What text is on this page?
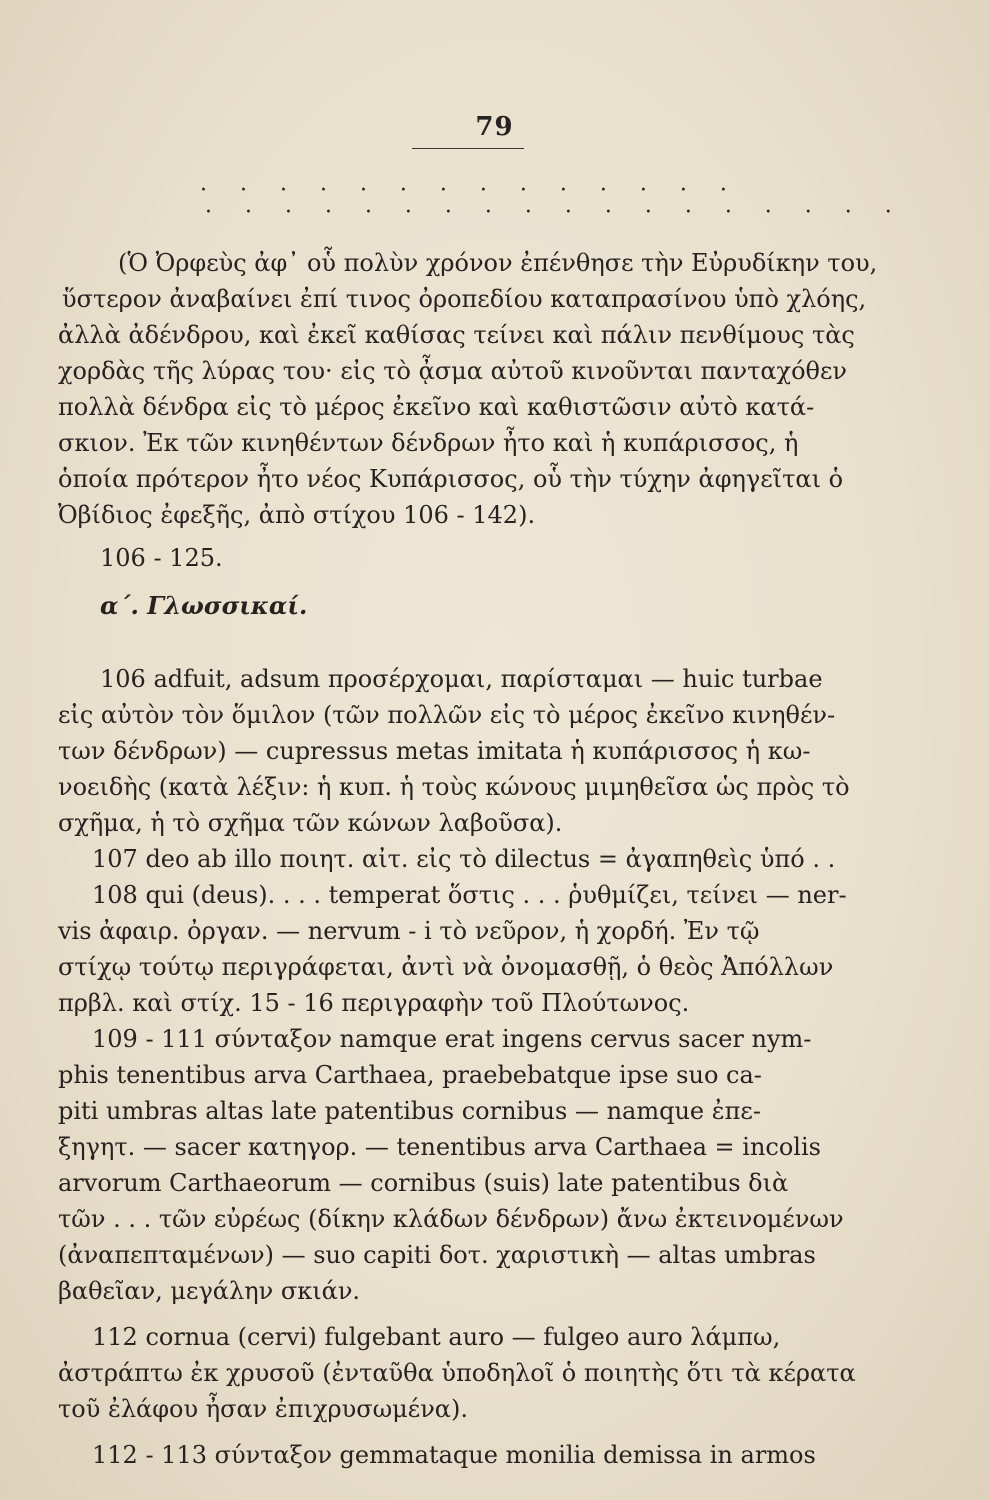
79
· · · · · · · · · · · · · ·
· · · · · · · · · · · · · · · · · ·
(Ὁ Ὀρφεὺς ἀφ᾽ οὗ πολὺν χρόνον ἐπένθησε τὴν Εὐρυδίκην του,
ὕστερον ἀναβαίνει ἐπί τινος ὀροπεδίου καταπρασίνου ὑπὸ χλόης,
ἀλλὰ ἀδένδρου, καὶ ἐκεῖ καθίσας τείνει καὶ πάλιν πενθίμους τὰς
χορδὰς τῆς λύρας του· εἰς τὸ ᾆσμα αὐτοῦ κινοῦνται πανταχόθεν
πολλὰ δένδρα εἰς τὸ μέρος ἐκεῖνο καὶ καθιστῶσιν αὐτὸ κατά-
σκιον. Ἐκ τῶν κινηθέντων δένδρων ἦτο καὶ ἡ κυπάρισσος, ἡ
ὁποία πρότερον ἦτο νέος Κυπάρισσος, οὗ τὴν τύχην ἀφηγεῖται ὁ
Ὀβίδιος ἐφεξῆς, ἀπὸ στίχου 106 - 142).
106 - 125.
α΄. Γλωσσικαί.
106 adfuit, adsum προσέρχομαι, παρίσταμαι — huic turbae
εἰς αὐτὸν τὸν ὅμιλον (τῶν πολλῶν εἰς τὸ μέρος ἐκεῖνο κινηθέν-
των δένδρων) — cupressus metas imitata ἡ κυπάρισσος ἡ κω-
νοειδὴς (κατὰ λέξιν: ἡ κυπ. ἡ τοὺς κώνους μιμηθεῖσα ὡς πρὸς τὸ
σχῆμα, ἡ τὸ σχῆμα τῶν κώνων λαβοῦσα).
107 deo ab illo ποιητ. αἰτ. εἰς τὸ dilectus = ἀγαπηθεὶς ὑπό . .
108 qui (deus). . . . temperat ὅστις . . . ῥυθμίζει, τείνει — ner-
vis ἀφαιρ. ὀργαν. — nervum - i τὸ νεῦρον, ἡ χορδή. Ἐν τῷ
στίχῳ τούτῳ περιγράφεται, ἀντὶ νὰ ὀνομασθῇ, ὁ θεὸς Ἀπόλλων
πρβλ. καὶ στίχ. 15 - 16 περιγραφὴν τοῦ Πλούτωνος.
109 - 111 σύνταξον namque erat ingens cervus sacer nym-
phis tenentibus arva Carthaea, praebebatque ipse suo ca-
piti umbras altas late patentibus cornibus — namque ἐπε-
ξηγητ. — sacer κατηγορ. — tenentibus arva Carthaea = incolis
arvorum Carthaeorum — cornibus (suis) late patentibus διὰ
τῶν . . . τῶν εὐρέως (δίκην κλάδων δένδρων) ἄνω ἐκτεινομένων
(ἀναπεπταμένων) — suo capiti δοτ. χαριστικὴ — altas umbras
βαθεῖαν, μεγάλην σκιάν.
112 cornua (cervi) fulgebant auro — fulgeo auro λάμπω,
ἀστράπτω ἐκ χρυσοῦ (ἐνταῦθα ὑποδηλοῖ ὁ ποιητὴς ὅτι τὰ κέρατα
τοῦ ἐλάφου ἦσαν ἐπιχρυσωμένα).
112 - 113 σύνταξον gemmataque monilia demissa in armos
